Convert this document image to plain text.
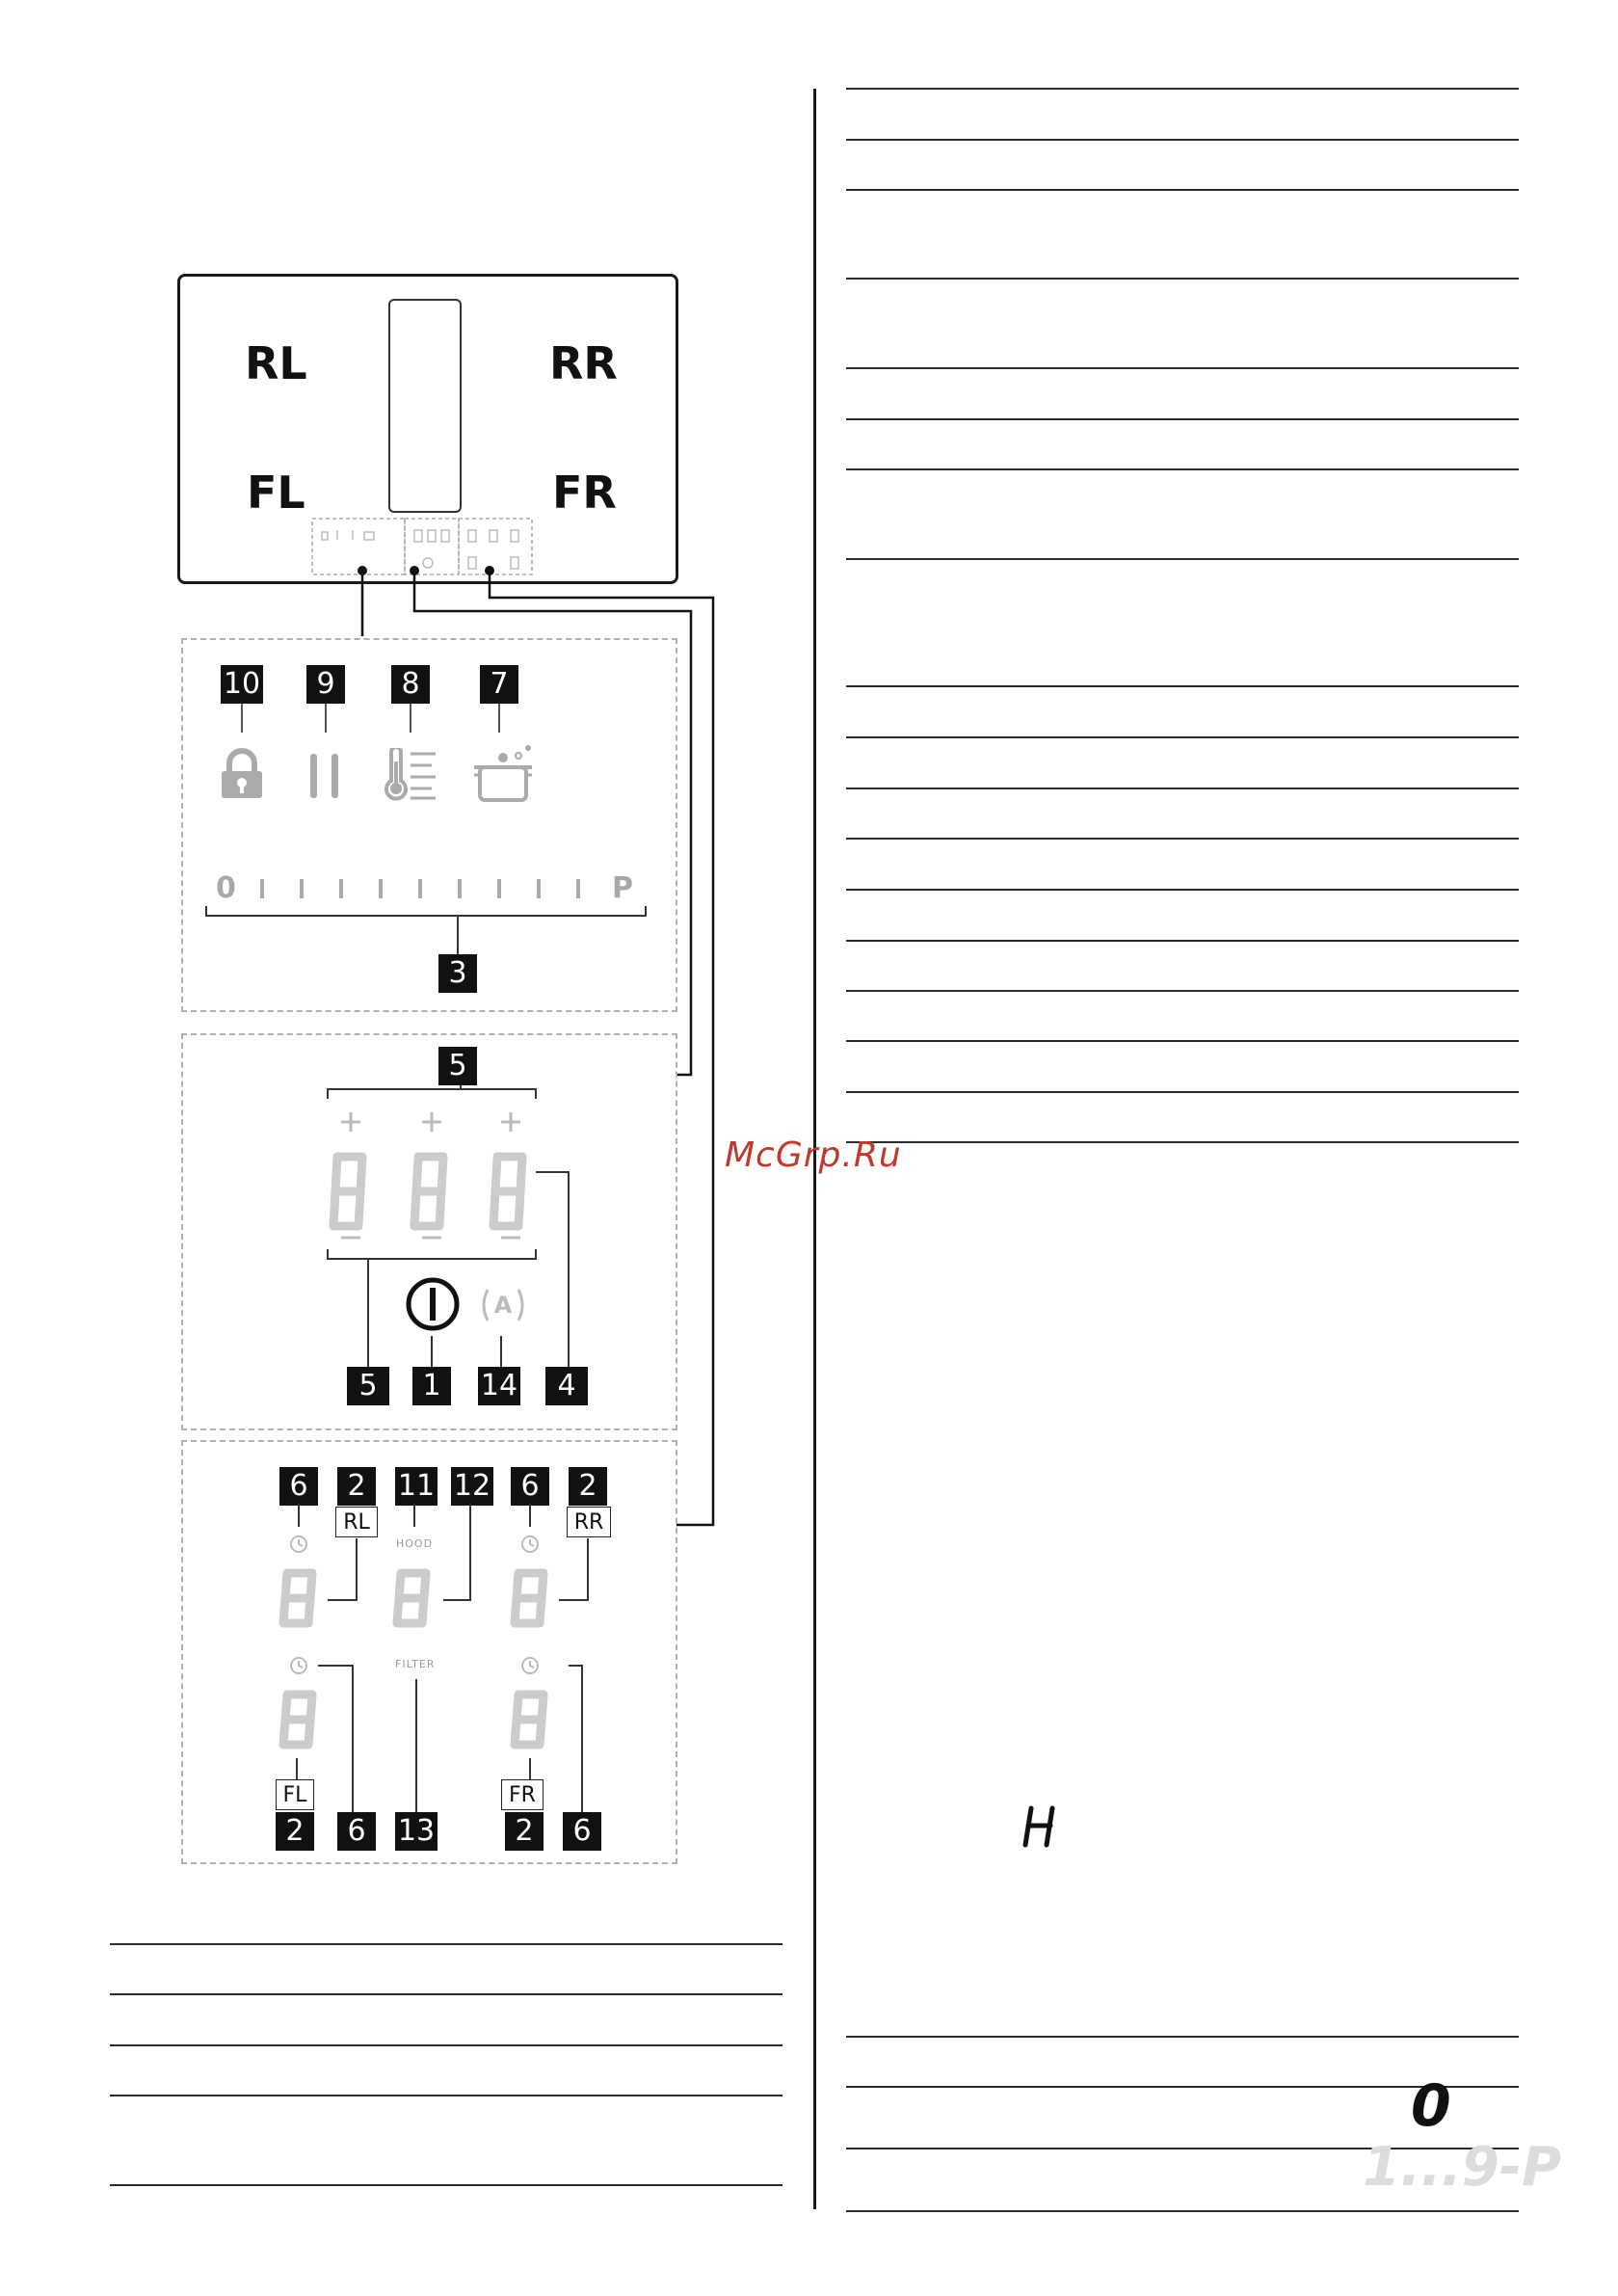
McGrp.Ru
RL	RR
FL	FR
10	9	8	7
0	P
3
5
A
5	1	14	4
6	2	11 12	6	2
RL	RR
HOOD
FILTER
FL	FR
2	6	13	2	6
H
0
1...9-P
